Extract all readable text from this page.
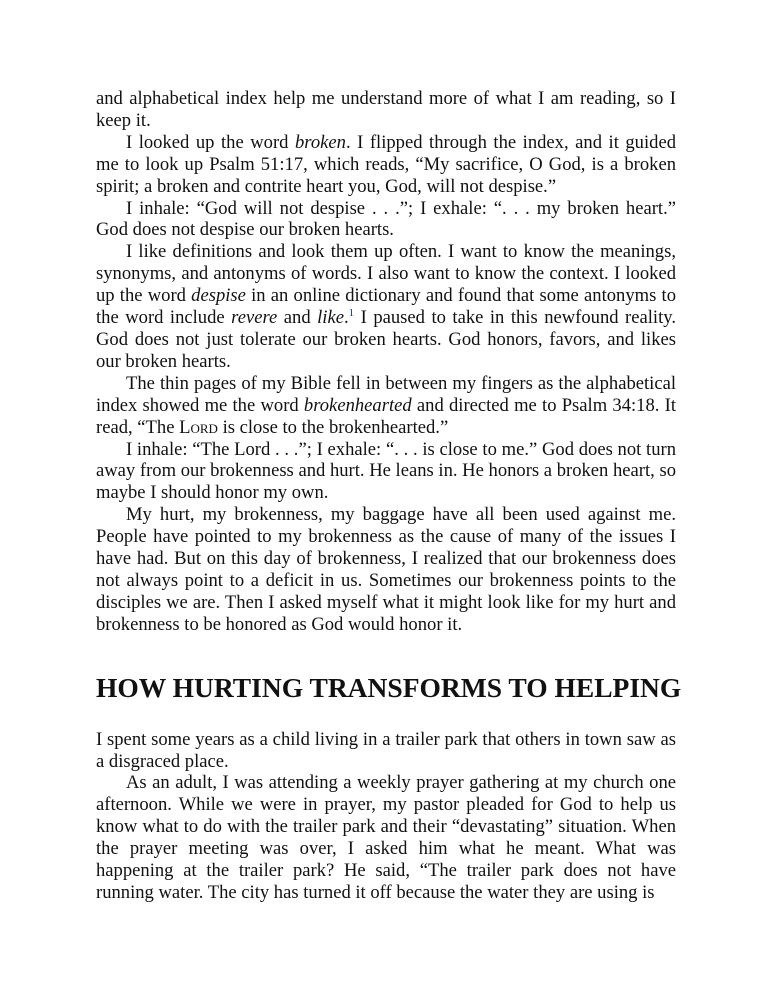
and alphabetical index help me understand more of what I am reading, so I keep it.

I looked up the word broken. I flipped through the index, and it guided me to look up Psalm 51:17, which reads, “My sacrifice, O God, is a broken spirit; a broken and contrite heart you, God, will not despise.”

I inhale: “God will not despise . . .”; I exhale: “. . . my broken heart.” God does not despise our broken hearts.

I like definitions and look them up often. I want to know the meanings, synonyms, and antonyms of words. I also want to know the context. I looked up the word despise in an online dictionary and found that some antonyms to the word include revere and like.$^1$ I paused to take in this newfound reality. God does not just tolerate our broken hearts. God honors, favors, and likes our broken hearts.

The thin pages of my Bible fell in between my fingers as the alphabetical index showed me the word brokenhearted and directed me to Psalm 34:18. It read, “The Lord is close to the brokenhearted.”

I inhale: “The Lord . . .”; I exhale: “. . . is close to me.” God does not turn away from our brokenness and hurt. He leans in. He honors a broken heart, so maybe I should honor my own.

My hurt, my brokenness, my baggage have all been used against me. People have pointed to my brokenness as the cause of many of the issues I have had. But on this day of brokenness, I realized that our brokenness does not always point to a deficit in us. Sometimes our brokenness points to the disciples we are. Then I asked myself what it might look like for my hurt and brokenness to be honored as God would honor it.

HOW HURTING TRANSFORMS TO HELPING

I spent some years as a child living in a trailer park that others in town saw as a disgraced place.

As an adult, I was attending a weekly prayer gathering at my church one afternoon. While we were in prayer, my pastor pleaded for God to help us know what to do with the trailer park and their “devastating” situation. When the prayer meeting was over, I asked him what he meant. What was happening at the trailer park? He said, “The trailer park does not have running water. The city has turned it off because the water they are using is
